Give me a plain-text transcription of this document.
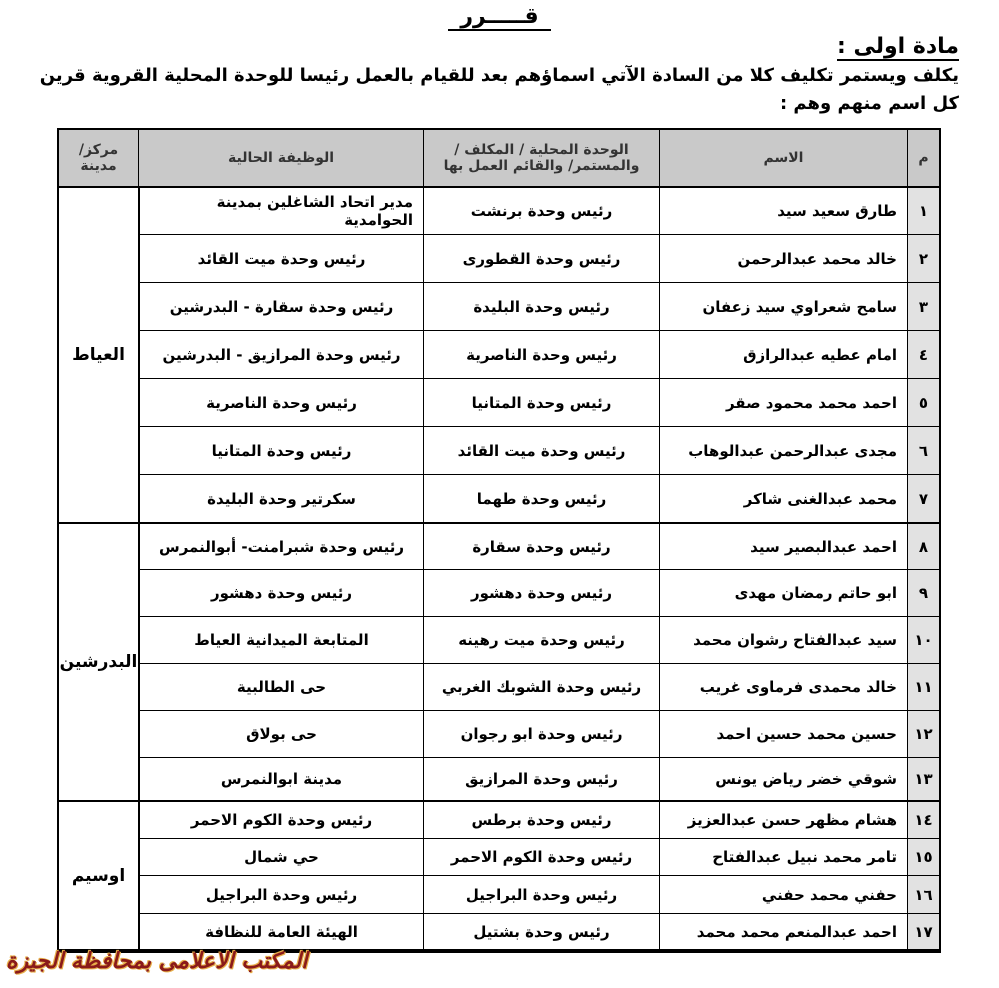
قـــــرر
مادة اولى :
يكلف ويستمر تكليف كلا من السادة الآتي اسماؤهم بعد للقيام بالعمل رئيسا للوحدة المحلية القروية قرين كل اسم منهم وهم :
م
الاسم
الوحدة المحلية / المكلف / والمستمر/ والقائم العمل بها
الوظيفة الحالية
مركز/ مدينة
١
طارق سعيد سيد
رئيس وحدة برنشت
مدير اتحاد الشاغلين بمدينة الحوامدية
٢
خالد محمد عبدالرحمن
رئيس وحدة القطورى
رئيس وحدة ميت القائد
٣
سامح شعراوي سيد زعفان
رئيس وحدة البليدة
رئيس وحدة سقارة - البدرشين
٤
امام عطيه عبدالرازق
رئيس وحدة الناصرية
رئيس وحدة المرازيق - البدرشين
٥
احمد محمد محمود صقر
رئيس وحدة المتانيا
رئيس وحدة الناصرية
٦
مجدى عبدالرحمن عبدالوهاب
رئيس وحدة ميت القائد
رئيس وحدة المتانيا
٧
محمد عبدالغنى شاكر
رئيس وحدة طهما
سكرتير وحدة البليدة
٨
احمد عبدالبصير سيد
رئيس وحدة سقارة
رئيس وحدة شبرامنت- أبوالنمرس
٩
ابو حاتم رمضان مهدى
رئيس وحدة دهشور
رئيس وحدة دهشور
١٠
سيد عبدالفتاح رشوان محمد
رئيس وحدة ميت رهينه
المتابعة الميدانية العياط
١١
خالد محمدى فرماوى غريب
رئيس وحدة الشوبك الغربي
حى الطالبية
١٢
حسين محمد حسين احمد
رئيس وحدة ابو رجوان
حى بولاق
١٣
شوقي خضر رياض يونس
رئيس وحدة المرازيق
مدينة ابوالنمرس
١٤
هشام مظهر حسن عبدالعزيز
رئيس وحدة برطس
رئيس وحدة الكوم الاحمر
١٥
تامر محمد نبيل عبدالفتاح
رئيس وحدة الكوم الاحمر
حي شمال
١٦
حفني محمد حفني
رئيس وحدة البراجيل
رئيس وحدة البراجيل
١٧
احمد عبدالمنعم محمد محمد
رئيس وحدة بشتيل
الهيئة العامة للنظافة
العياط
البدرشين
اوسيم
المكتب الاعلامى بمحافظة الجيزة
